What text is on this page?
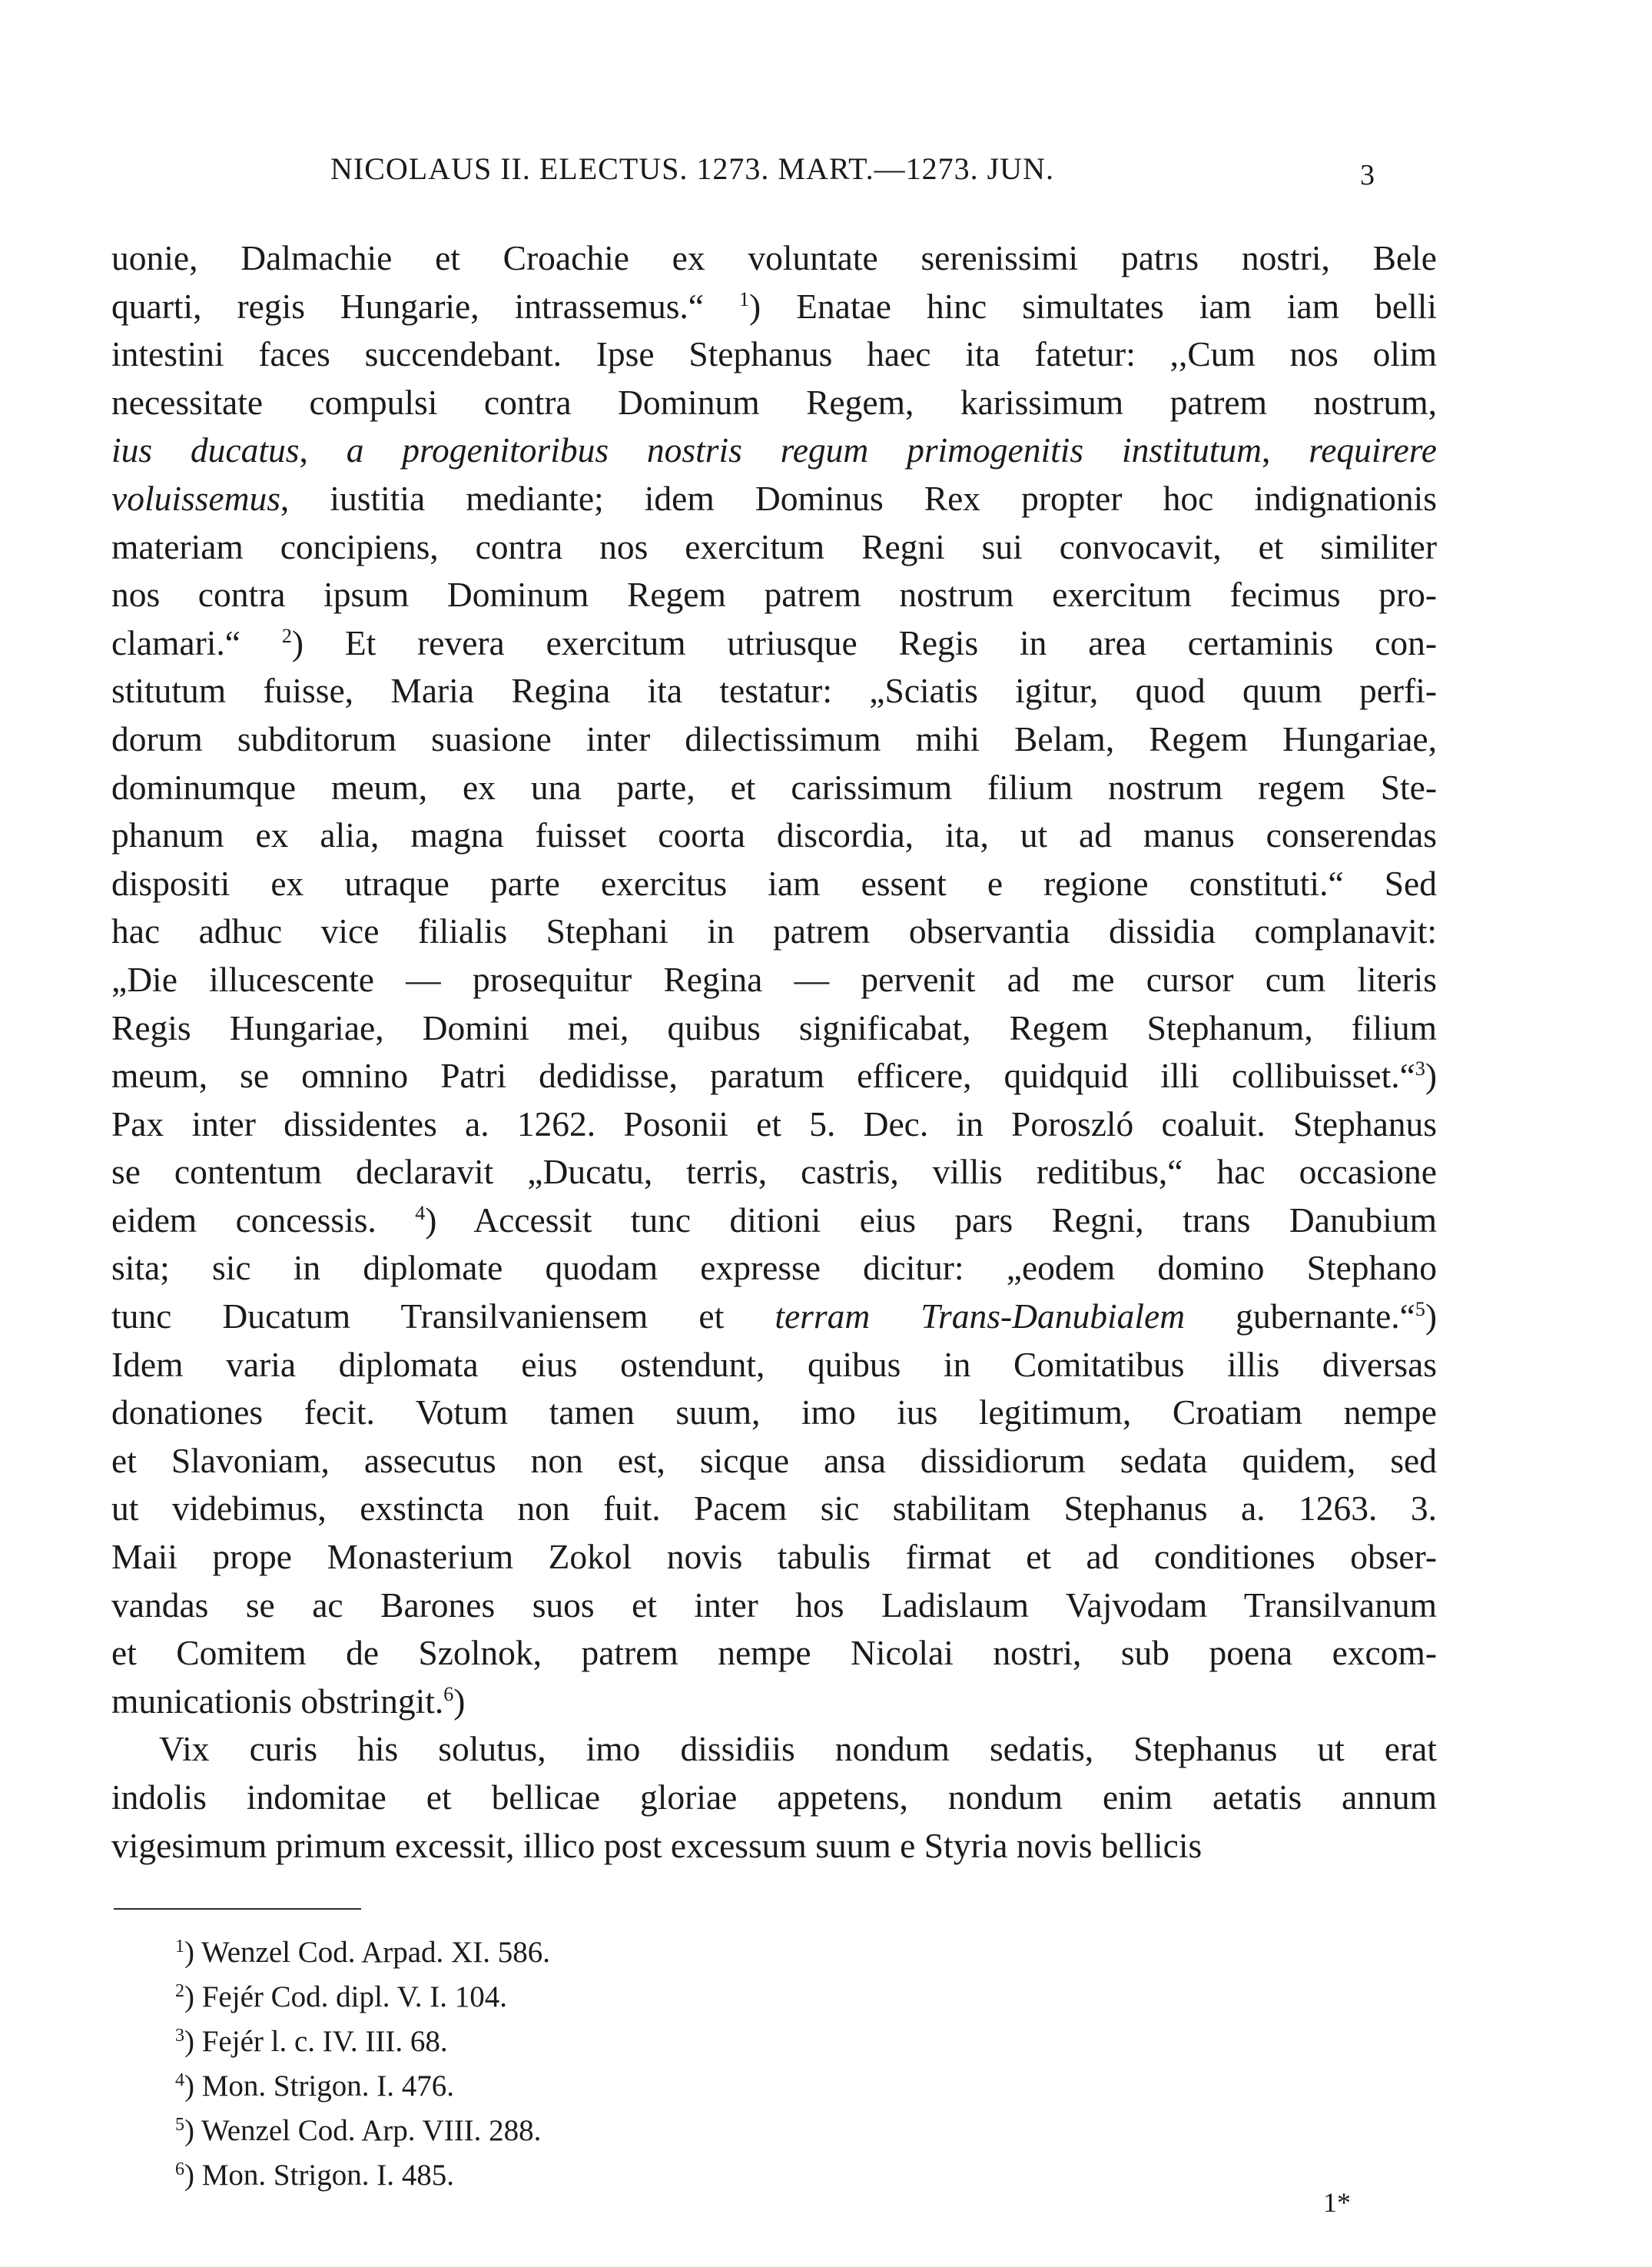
NICOLAUS II. ELECTUS. 1273. MART.—1273. JUN.	3
uonie, Dalmachie et Croachie ex voluntate serenissimi patrıs nostri, Bele
quarti, regis Hungarie, intrassemus.“ $^1$) Enatae hinc simultates iam iam belli
intestini faces succendebant. Ipse Stephanus haec ita fatetur: ,,Cum nos olim
necessitate compulsi contra Dominum Regem, karissimum patrem nostrum,
ius ducatus, a progenitoribus nostris regum primogenitis institutum, requirere
voluissemus, iustitia mediante; idem Dominus Rex propter hoc indignationis
materiam concipiens, contra nos exercitum Regni sui convocavit, et similiter
nos contra ipsum Dominum Regem patrem nostrum exercitum fecimus pro-
clamari.“ $^2$) Et revera exercitum utriusque Regis in area certaminis con-
stitutum fuisse, Maria Regina ita testatur: „Sciatis igitur, quod quum perfi-
dorum subditorum suasione inter dilectissimum mihi Belam, Regem Hungariae,
dominumque meum, ex una parte, et carissimum filium nostrum regem Ste-
phanum ex alia, magna fuisset coorta discordia, ita, ut ad manus conserendas
dispositi ex utraque parte exercitus iam essent e regione constituti.“ Sed
hac adhuc vice filialis Stephani in patrem observantia dissidia complanavit:
„Die illucescente — prosequitur Regina — pervenit ad me cursor cum literis
Regis Hungariae, Domini mei, quibus significabat, Regem Stephanum, filium
meum, se omnino Patri dedidisse, paratum efficere, quidquid illi collibuisset.“$^3$)
Pax inter dissidentes a. 1262. Posonii et 5. Dec. in Poroszló coaluit. Stephanus
se contentum declaravit „Ducatu, terris, castris, villis reditibus,“ hac occasione
eidem concessis. $^4$) Accessit tunc ditioni eius pars Regni, trans Danubium
sita; sic in diplomate quodam expresse dicitur: „eodem domino Stephano
tunc Ducatum Transilvaniensem et terram Trans-Danubialem gubernante.“$^5$)
Idem varia diplomata eius ostendunt, quibus in Comitatibus illis diversas
donationes fecit. Votum tamen suum, imo ius legitimum, Croatiam nempe
et Slavoniam, assecutus non est, sicque ansa dissidiorum sedata quidem, sed
ut videbimus, exstincta non fuit. Pacem sic stabilitam Stephanus a. 1263. 3.
Maii prope Monasterium Zokol novis tabulis firmat et ad conditiones obser-
vandas se ac Barones suos et inter hos Ladislaum Vajvodam Transilvanum
et Comitem de Szolnok, patrem nempe Nicolai nostri, sub poena excom-
municationis obstringit.$^6$)
Vix curis his solutus, imo dissidiis nondum sedatis, Stephanus ut erat
indolis indomitae et bellicae gloriae appetens, nondum enim aetatis annum
vigesimum primum excessit, illico post excessum suum e Styria novis bellicis
$^1$) Wenzel Cod. Arpad. XI. 586.
$^2$) Fejér Cod. dipl. V. I. 104.
$^3$) Fejér l. c. IV. III. 68.
$^4$) Mon. Strigon. I. 476.
$^5$) Wenzel Cod. Arp. VIII. 288.
$^6$) Mon. Strigon. I. 485.
1*
